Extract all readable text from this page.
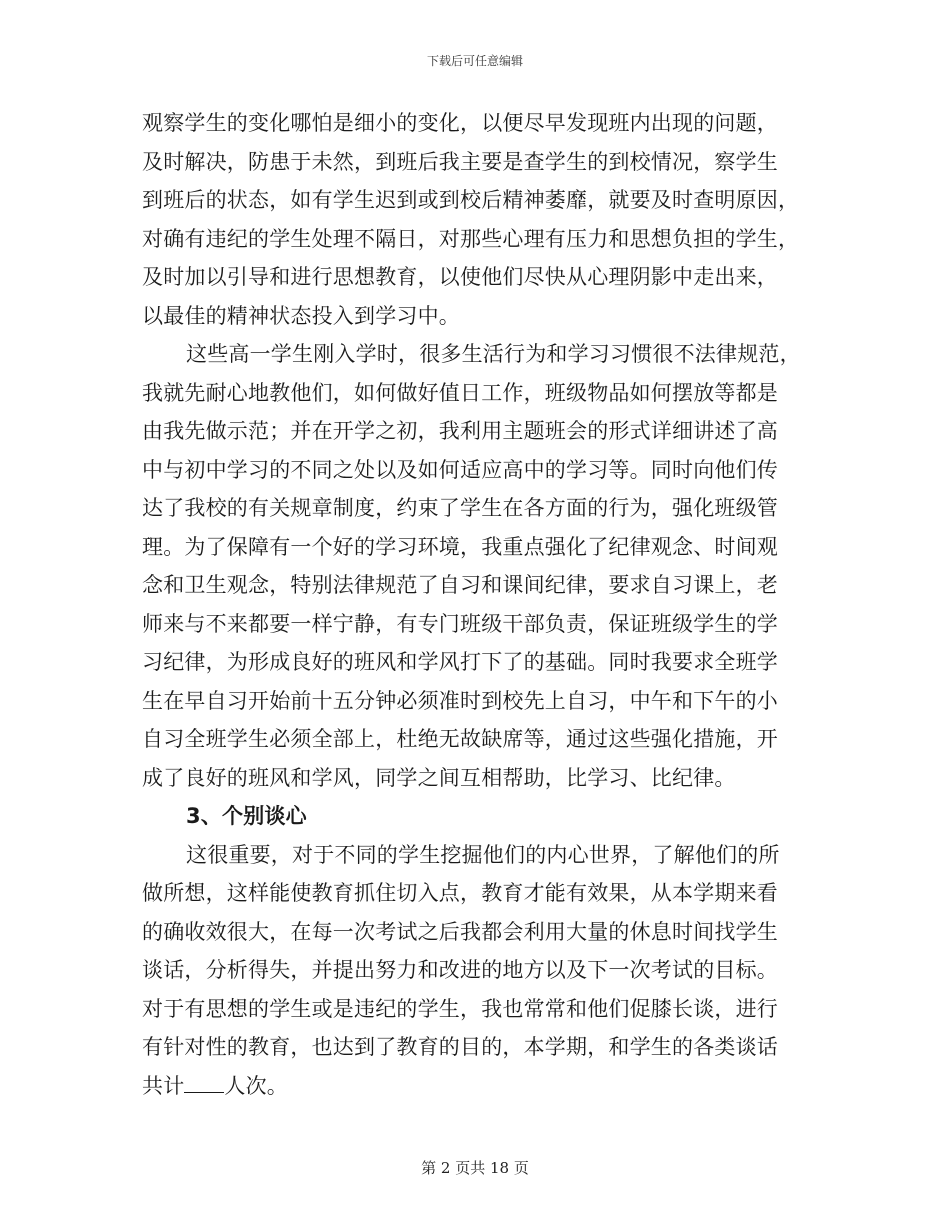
下载后可任意编辑
观察学生的变化哪怕是细小的变化，以便尽早发现班内出现的问题，
及时解决，防患于未然，到班后我主要是查学生的到校情况，察学生
到班后的状态，如有学生迟到或到校后精神萎靡，就要及时查明原因，
对确有违纪的学生处理不隔日，对那些心理有压力和思想负担的学生，
及时加以引导和进行思想教育，以使他们尽快从心理阴影中走出来，
以最佳的精神状态投入到学习中。
这些高一学生刚入学时，很多生活行为和学习习惯很不法律规范，
我就先耐心地教他们，如何做好值日工作，班级物品如何摆放等都是
由我先做示范；并在开学之初，我利用主题班会的形式详细讲述了高
中与初中学习的不同之处以及如何适应高中的学习等。同时向他们传
达了我校的有关规章制度，约束了学生在各方面的行为，强化班级管
理。为了保障有一个好的学习环境，我重点强化了纪律观念、时间观
念和卫生观念，特别法律规范了自习和课间纪律，要求自习课上，老
师来与不来都要一样宁静，有专门班级干部负责，保证班级学生的学
习纪律，为形成良好的班风和学风打下了的基础。同时我要求全班学
生在早自习开始前十五分钟必须准时到校先上自习，中午和下午的小
自习全班学生必须全部上，杜绝无故缺席等，通过这些强化措施，开
成了良好的班风和学风，同学之间互相帮助，比学习、比纪律。
3、个别谈心
这很重要，对于不同的学生挖掘他们的内心世界，了解他们的所
做所想，这样能使教育抓住切入点，教育才能有效果，从本学期来看
的确收效很大，在每一次考试之后我都会利用大量的休息时间找学生
谈话，分析得失，并提出努力和改进的地方以及下一次考试的目标。
对于有思想的学生或是违纪的学生，我也常常和他们促膝长谈，进行
有针对性的教育，也达到了教育的目的，本学期，和学生的各类谈话
共计 人次。
第 2 页共 18 页
